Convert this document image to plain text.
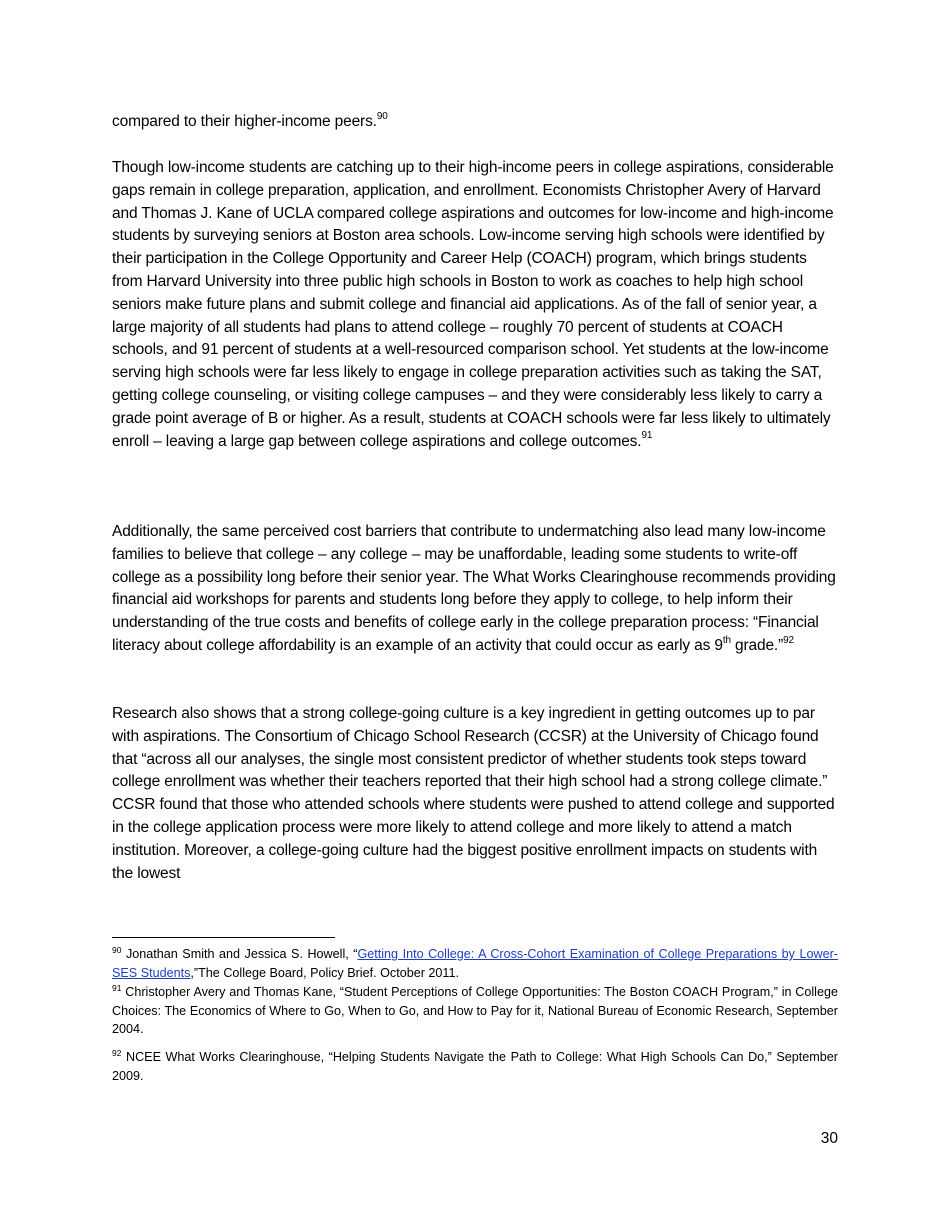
compared to their higher-income peers.$^{90}$

Though low-income students are catching up to their high-income peers in college aspirations, considerable gaps remain in college preparation, application, and enrollment. Economists Christopher Avery of Harvard and Thomas J. Kane of UCLA compared college aspirations and outcomes for low-income and high-income students by surveying seniors at Boston area schools. Low-income serving high schools were identified by their participation in the College Opportunity and Career Help (COACH) program, which brings students from Harvard University into three public high schools in Boston to work as coaches to help high school seniors make future plans and submit college and financial aid applications. As of the fall of senior year, a large majority of all students had plans to attend college – roughly 70 percent of students at COACH schools, and 91 percent of students at a well-resourced comparison school. Yet students at the low-income serving high schools were far less likely to engage in college preparation activities such as taking the SAT, getting college counseling, or visiting college campuses – and they were considerably less likely to carry a grade point average of B or higher. As a result, students at COACH schools were far less likely to ultimately enroll – leaving a large gap between college aspirations and college outcomes.$^{91}$

Additionally, the same perceived cost barriers that contribute to undermatching also lead many low-income families to believe that college – any college – may be unaffordable, leading some students to write-off college as a possibility long before their senior year. The What Works Clearinghouse recommends providing financial aid workshops for parents and students long before they apply to college, to help inform their understanding of the true costs and benefits of college early in the college preparation process: “Financial literacy about college affordability is an example of an activity that could occur as early as 9th grade.”$^{92}$

Research also shows that a strong college-going culture is a key ingredient in getting outcomes up to par with aspirations. The Consortium of Chicago School Research (CCSR) at the University of Chicago found that “across all our analyses, the single most consistent predictor of whether students took steps toward college enrollment was whether their teachers reported that their high school had a strong college climate.” CCSR found that those who attended schools where students were pushed to attend college and supported in the college application process were more likely to attend college and more likely to attend a match institution. Moreover, a college-going culture had the biggest positive enrollment impacts on students with the lowest

$^{90}$ Jonathan Smith and Jessica S. Howell, “Getting Into College: A Cross-Cohort Examination of College Preparations by Lower-SES Students,”The College Board, Policy Brief. October 2011.

$^{91}$ Christopher Avery and Thomas Kane, “Student Perceptions of College Opportunities: The Boston COACH Program,” in College Choices: The Economics of Where to Go, When to Go, and How to Pay for it, National Bureau of Economic Research, September 2004.

$^{92}$ NCEE What Works Clearinghouse, “Helping Students Navigate the Path to College: What High Schools Can Do,” September 2009.

30
